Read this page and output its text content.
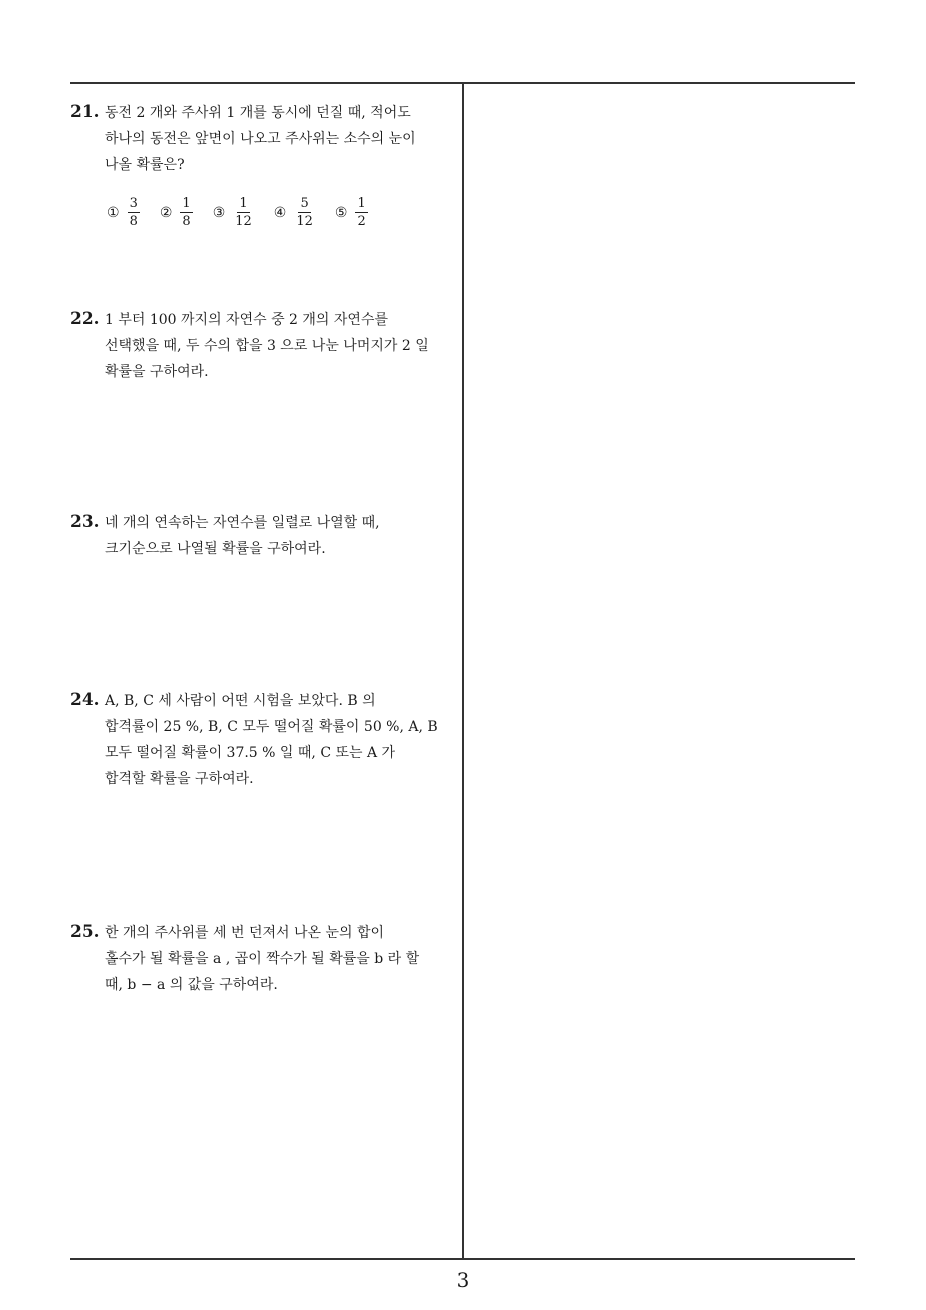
21. 동전 2 개와 주사위 1 개를 동시에 던질 때, 적어도
하나의 동전은 앞면이 나오고 주사위는 소수의 눈이
나올 확률은?
① $\frac{3}{8}$ ② $\frac{1}{8}$ ③ $\frac{1}{12}$ ④ $\frac{5}{12}$ ⑤ $\frac{1}{2}$
22. 1 부터 100 까지의 자연수 중 2 개의 자연수를
선택했을 때, 두 수의 합을 3 으로 나눈 나머지가 2 일
확률을 구하여라.
23. 네 개의 연속하는 자연수를 일렬로 나열할 때,
크기순으로 나열될 확률을 구하여라.
24. A, B, C 세 사람이 어떤 시험을 보았다. B 의
합격률이 25 %, B, C 모두 떨어질 확률이 50 %, A, B
모두 떨어질 확률이 37.5 % 일 때, C 또는 A 가
합격할 확률을 구하여라.
25. 한 개의 주사위를 세 번 던져서 나온 눈의 합이
홀수가 될 확률을 a , 곱이 짝수가 될 확률을 b 라 할
때, b − a 의 값을 구하여라.
3
